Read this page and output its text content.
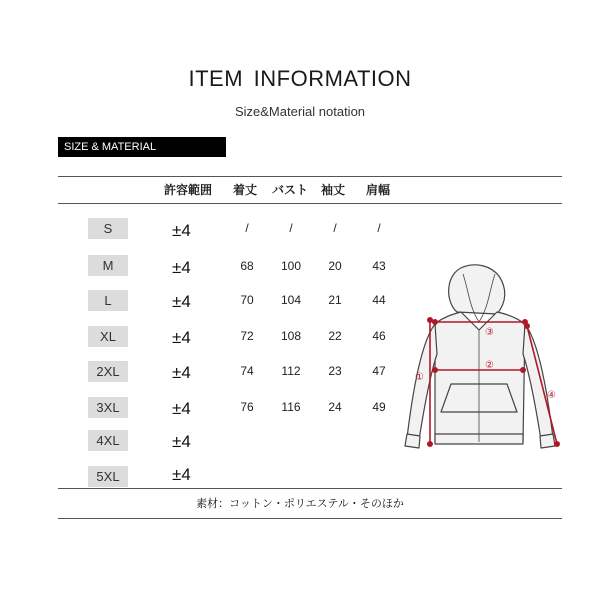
ITEM INFORMATION
Size&Material notation
SIZE & MATERIAL
許容範囲 着丈 バスト 袖丈 肩幅
S	±4	/	/	/	/
M	±4	68	100	20	43
L	±4	70	104	21	44
XL	±4	72	108	22	46
2XL	±4	74	112	23	47
3XL	±4	76	116	24	49
4XL	±4
5XL	±4
素材：コットン・ポリエステル・そのほか
①
②
③
④
